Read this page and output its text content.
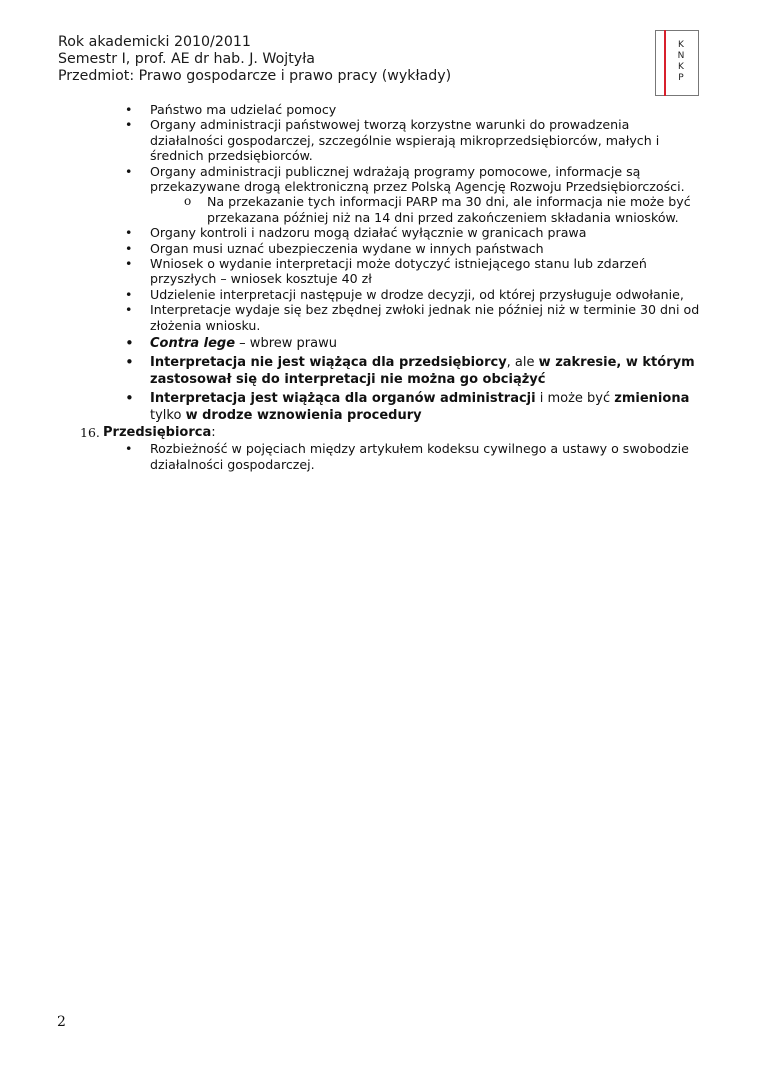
Rok akademicki 2010/2011
Semestr I, prof. AE dr hab. J. Wojtyła
Przedmiot: Prawo gospodarcze i prawo pracy (wykłady)
K
N
K
P
• Państwo ma udzielać pomocy
• Organy administracji państwowej tworzą korzystne warunki do prowadzenia działalności gospodarczej, szczególnie wspierają mikroprzedsiębiorców, małych i średnich przedsiębiorców.
• Organy administracji publicznej wdrażają programy pomocowe, informacje są przekazywane drogą elektroniczną przez Polską Agencję Rozwoju Przedsiębiorczości.
o Na przekazanie tych informacji PARP ma 30 dni, ale informacja nie może być przekazana później niż na 14 dni przed zakończeniem składania wniosków.
• Organy kontroli i nadzoru mogą działać wyłącznie w granicach prawa
• Organ musi uznać ubezpieczenia wydane w innych państwach
• Wniosek o wydanie interpretacji może dotyczyć istniejącego stanu lub zdarzeń przyszłych – wniosek kosztuje 40 zł
• Udzielenie interpretacji następuje w drodze decyzji, od której przysługuje odwołanie,
• Interpretacje wydaje się bez zbędnej zwłoki jednak nie później niż w terminie 30 dni od złożenia wniosku.
• Contra lege – wbrew prawu
• Interpretacja nie jest wiążąca dla przedsiębiorcy, ale w zakresie, w którym zastosował się do interpretacji nie można go obciążyć
• Interpretacja jest wiążąca dla organów administracji i może być zmieniona tylko w drodze wznowienia procedury
16. Przedsiębiorca:
• Rozbieżność w pojęciach między artykułem kodeksu cywilnego a ustawy o swobodzie działalności gospodarczej.
2
